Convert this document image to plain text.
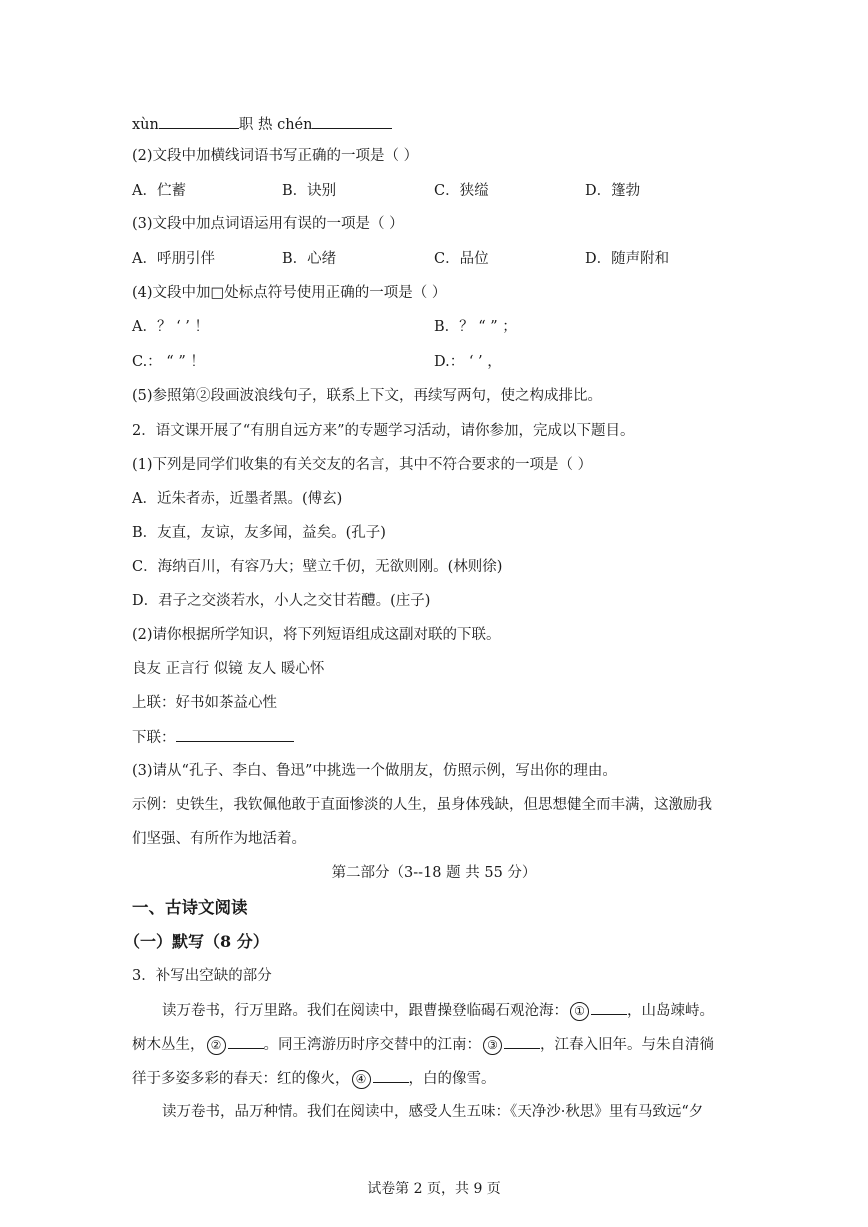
xùn	职 热 chén
(2)文段中加横线词语书写正确的一项是（ ）
A．伫蓄	B．诀别	C．狭缢	D．篷勃
(3)文段中加点词语运用有误的一项是（ ）
A．呼朋引伴	B．心绪	C．品位	D．随声附和
(4)文段中加□处标点符号使用正确的一项是（ ）
A．？ ‘ ’ ！	B．？ “ ” ；
C.： “ ” ！	D.： ‘ ’ ，
(5)参照第②段画波浪线句子，联系上下文，再续写两句，使之构成排比。
2．语文课开展了“有朋自远方来”的专题学习活动，请你参加，完成以下题目。
(1)下列是同学们收集的有关交友的名言，其中不符合要求的一项是（ ）
A．近朱者赤，近墨者黑。(傅玄)
B．友直，友谅，友多闻，益矣。(孔子)
C．海纳百川，有容乃大；壁立千仞，无欲则刚。(林则徐)
D．君子之交淡若水，小人之交甘若醴。(庄子)
(2)请你根据所学知识，将下列短语组成这副对联的下联。
良友 正言行 似镜 友人 暖心怀
上联：好书如茶益心性
下联：
(3)请从“孔子、李白、鲁迅”中挑选一个做朋友，仿照示例，写出你的理由。
示例：史铁生，我钦佩他敢于直面惨淡的人生，虽身体残缺，但思想健全而丰满，这激励我
们坚强、有所作为地活着。
第二部分（3--18 题 共 55 分）
一、古诗文阅读
（一）默写（8 分）
3．补写出空缺的部分
读万卷书，行万里路。我们在阅读中，跟曹操登临碣石观沧海： ①	，山岛竦峙。
树木丛生， ②	。同王湾游历时序交替中的江南： ③	，江春入旧年。与朱自清徜
徉于多姿多彩的春天：红的像火， ④	，白的像雪。
读万卷书，品万种情。我们在阅读中，感受人生五味：《天净沙·秋思》里有马致远“夕
试卷第 2 页，共 9 页
